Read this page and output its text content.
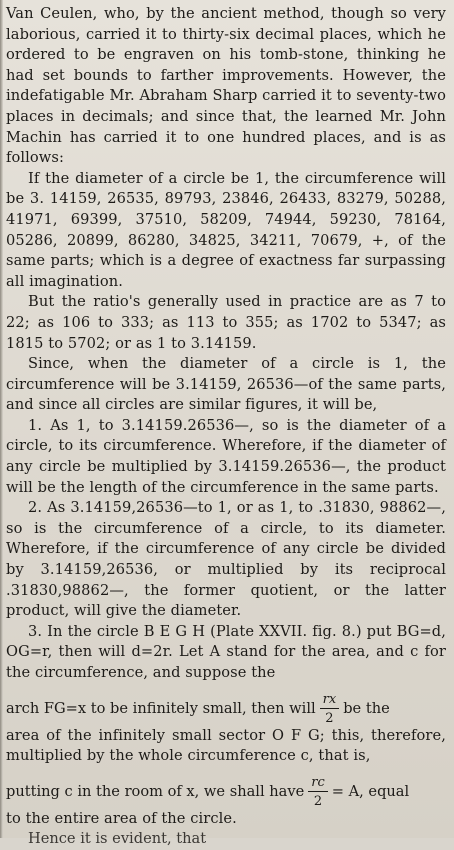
Van Ceulen, who, by the ancient method, though so very laborious, carried it to thirty-six decimal places, which he ordered to be engraven on his tomb-stone, thinking he had set bounds to farther improvements. However, the indefatigable Mr. Abraham Sharp carried it to seventy-two places in decimals; and since that, the learned Mr. John Machin has carried it to one hundred places, and is as follows:

If the diameter of a circle be 1, the circumference will be 3. 14159, 26535, 89793, 23846, 26433, 83279, 50288, 41971, 69399, 37510, 58209, 74944, 59230, 78164, 05286, 20899, 86280, 34825, 34211, 70679, +, of the same parts; which is a degree of exactness far surpassing all imagination.

But the ratio's generally used in practice are as 7 to 22; as 106 to 333; as 113 to 355; as 1702 to 5347; as 1815 to 5702; or as 1 to 3.14159.

Since, when the diameter of a circle is 1, the circumference will be 3.14159, 26536—of the same parts, and since all circles are similar figures, it will be,

1. As 1, to 3.14159.26536—, so is the diameter of a circle, to its circumference. Wherefore, if the diameter of any circle be multiplied by 3.14159.26536—, the product will be the length of the circumference in the same parts.

2. As 3.14159,26536—to 1, or as 1, to .31830, 98862—, so is the circumference of a circle, to its diameter. Wherefore, if the circumference of any circle be divided by 3.14159,26536, or multiplied by its reciprocal .31830,98862—, the former quotient, or the latter product, will give the diameter.

3. In the circle B E G H (Plate XXVII. fig. 8.) put BG=d, OG=r, then will d=2r. Let A stand for the area, and c for the circumference, and suppose the

arch FG=x to be infinitely small, then will $\frac{rx}{2}$ be the

area of the infinitely small sector O F G; this, therefore, multiplied by the whole circumference c, that is,

putting c in the room of x, we shall have $\frac{rc}{2} = A$, equal

to the entire area of the circle.

Hence it is evident, that
